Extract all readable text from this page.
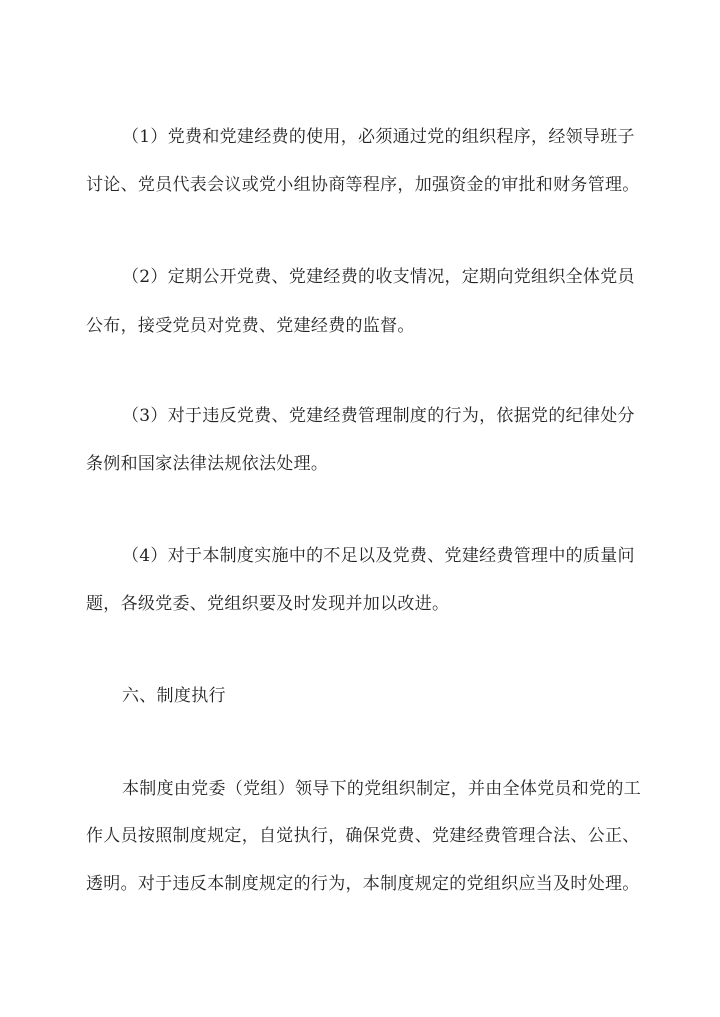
（1）党费和党建经费的使用，必须通过党的组织程序，经领导班子
讨论、党员代表会议或党小组协商等程序，加强资金的审批和财务管理。
（2）定期公开党费、党建经费的收支情况，定期向党组织全体党员
公布，接受党员对党费、党建经费的监督。
（3）对于违反党费、党建经费管理制度的行为，依据党的纪律处分
条例和国家法律法规依法处理。
（4）对于本制度实施中的不足以及党费、党建经费管理中的质量问
题，各级党委、党组织要及时发现并加以改进。
六、制度执行
本制度由党委（党组）领导下的党组织制定，并由全体党员和党的工
作人员按照制度规定，自觉执行，确保党费、党建经费管理合法、公正、
透明。对于违反本制度规定的行为，本制度规定的党组织应当及时处理。
